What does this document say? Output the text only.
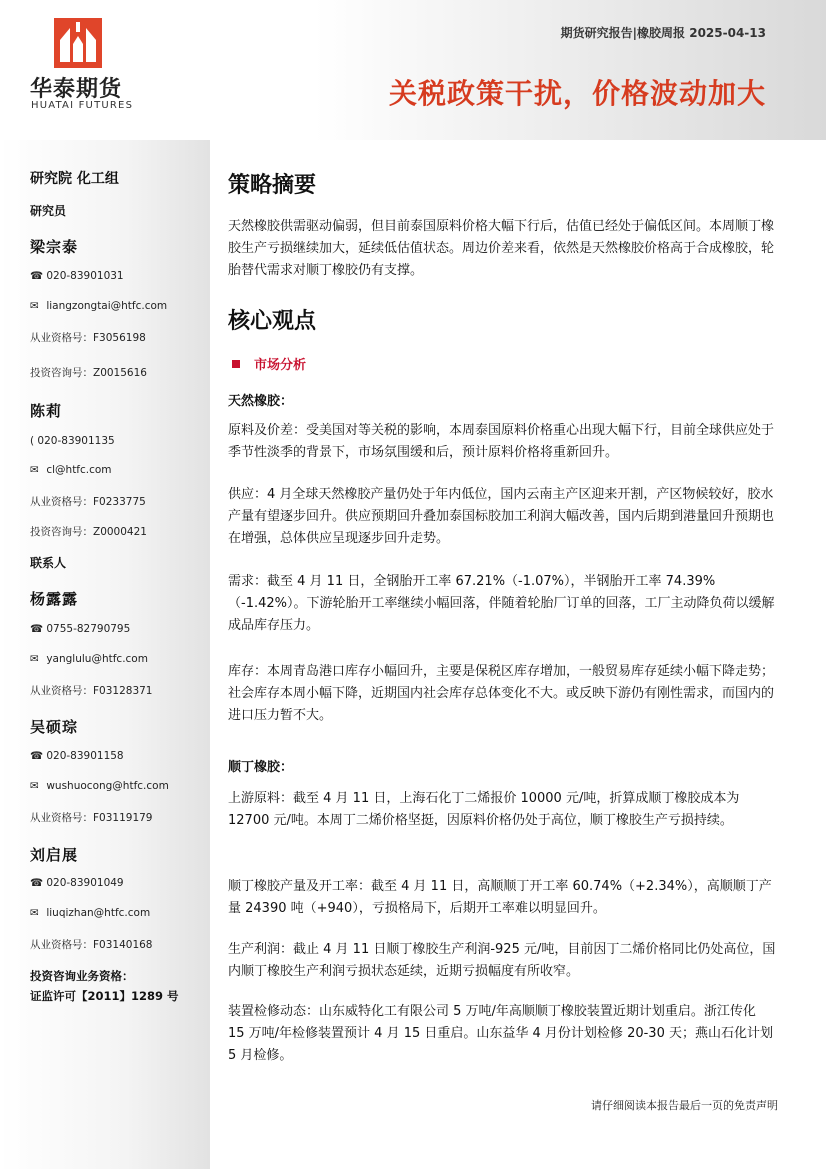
华泰期货
HUATAI FUTURES
期货研究报告|橡胶周报 2025-04-13
关税政策干扰，价格波动加大
研究院 化工组
研究员
梁宗泰
☎ 020-83901031
✉ liangzongtai@htfc.com
从业资格号：F3056198
投资咨询号：Z0015616
陈莉
( 020-83901135
✉ cl@htfc.com
从业资格号：F0233775
投资咨询号：Z0000421
联系人
杨露露
☎ 0755-82790795
✉ yanglulu@htfc.com
从业资格号：F03128371
吴硕琮
☎ 020-83901158
✉ wushuocong@htfc.com
从业资格号：F03119179
刘启展
☎ 020-83901049
✉ liuqizhan@htfc.com
从业资格号：F03140168
投资咨询业务资格：
证监许可【2011】1289 号
策略摘要
天然橡胶供需驱动偏弱，但目前泰国原料价格大幅下行后，估值已经处于偏低区间。本周顺丁橡胶生产亏损继续加大，延续低估值状态。周边价差来看，依然是天然橡胶价格高于合成橡胶，轮胎替代需求对顺丁橡胶仍有支撑。
核心观点
市场分析
天然橡胶：
原料及价差：受美国对等关税的影响，本周泰国原料价格重心出现大幅下行，目前全球供应处于季节性淡季的背景下，市场氛围缓和后，预计原料价格将重新回升。
供应：4 月全球天然橡胶产量仍处于年内低位，国内云南主产区迎来开割，产区物候较好，胶水产量有望逐步回升。供应预期回升叠加泰国标胶加工利润大幅改善，国内后期到港量回升预期也在增强，总体供应呈现逐步回升走势。
需求：截至 4 月 11 日，全钢胎开工率 67.21%（-1.07%），半钢胎开工率 74.39%（-1.42%）。下游轮胎开工率继续小幅回落，伴随着轮胎厂订单的回落，工厂主动降负荷以缓解成品库存压力。
库存：本周青岛港口库存小幅回升，主要是保税区库存增加，一般贸易库存延续小幅下降走势；社会库存本周小幅下降，近期国内社会库存总体变化不大。或反映下游仍有刚性需求，而国内的进口压力暂不大。
顺丁橡胶：
上游原料：截至 4 月 11 日，上海石化丁二烯报价 10000 元/吨，折算成顺丁橡胶成本为 12700 元/吨。本周丁二烯价格坚挺，因原料价格仍处于高位，顺丁橡胶生产亏损持续。
顺丁橡胶产量及开工率：截至 4 月 11 日，高顺顺丁开工率 60.74%（+2.34%），高顺顺丁产量 24390 吨（+940），亏损格局下，后期开工率难以明显回升。
生产利润：截止 4 月 11 日顺丁橡胶生产利润-925 元/吨，目前因丁二烯价格同比仍处高位，国内顺丁橡胶生产利润亏损状态延续，近期亏损幅度有所收窄。
装置检修动态：山东威特化工有限公司 5 万吨/年高顺顺丁橡胶装置近期计划重启。浙江传化 15 万吨/年检修装置预计 4 月 15 日重启。山东益华 4 月份计划检修 20-30 天；燕山石化计划 5 月检修。
请仔细阅读本报告最后一页的免责声明
